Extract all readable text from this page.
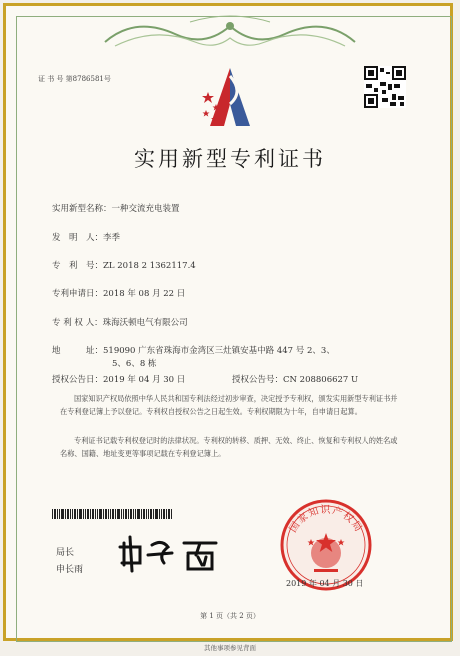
证 书 号 第8786581号
实用新型专利证书
实用新型名称：一种交流充电装置
发　明　人：李季
专　利　号：ZL 2018 2 1362117.4
专利申请日：2018 年 08 月 22 日
专 利 权 人：珠海沃顿电气有限公司
地　　　址：519090 广东省珠海市金湾区三灶镇安基中路 447 号 2、3、
5、6、8 栋
授权公告日：2019 年 04 月 30 日	授权公告号：CN 208806627 U
国家知识产权局依照中华人民共和国专利法经过初步审查，决定授予专利权，颁发实用新型专利证书并在专利登记簿上予以登记。专利权自授权公告之日起生效。专利权期限为十年，自申请日起算。
专利证书记载专利权登记时的法律状况。专利权的转移、质押、无效、终止、恢复和专利权人的姓名或名称、国籍、地址变更等事项记载在专利登记簿上。
局长
申长雨
国家知识产权局
2019 年 04 月 30 日
第 1 页（共 2 页）
其他事项参见背面
